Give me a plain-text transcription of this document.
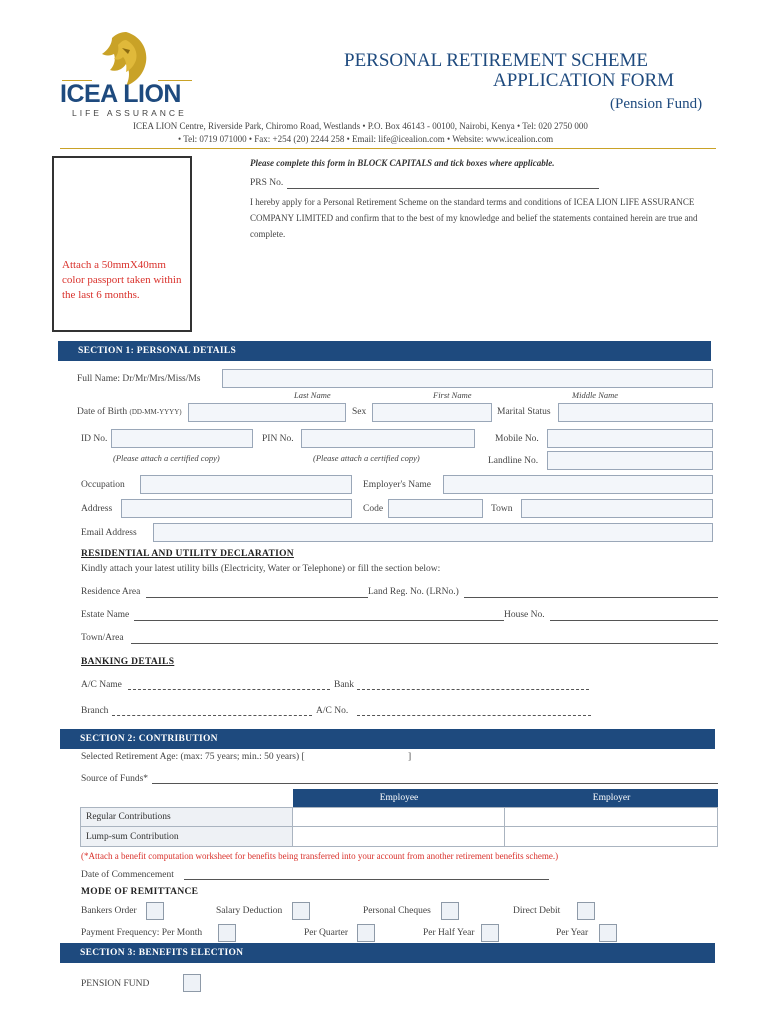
ICEA LION
LIFE ASSURANCE
PERSONAL RETIREMENT SCHEME
APPLICATION FORM
(Pension Fund)
ICEA LION Centre, Riverside Park, Chiromo Road, Westlands • P.O. Box 46143 - 00100, Nairobi, Kenya • Tel: 020 2750 000
• Tel: 0719 071000 • Fax: +254 (20) 2244 258 • Email: life@icealion.com • Website: www.icealion.com
Attach a 50mmX40mm color passport taken within the last 6 months.
Please complete this form in BLOCK CAPITALS and tick boxes where applicable.
PRS No.
I hereby apply for a Personal Retirement Scheme on the standard terms and conditions of ICEA LION LIFE ASSURANCE COMPANY LIMITED and confirm that to the best of my knowledge and belief the statements contained herein are true and complete.
SECTION 1: PERSONAL DETAILS
Full Name: Dr/Mr/Mrs/Miss/Ms
Last Name	First Name	Middle Name
Date of Birth (DD-MM-YYYY)	Sex	Marital Status
ID No.	PIN No.	Mobile No.
(Please attach a certified copy)	(Please attach a certified copy)	Landline No.
Occupation	Employer's Name
Address	Code	Town
Email Address
RESIDENTIAL AND UTILITY DECLARATION
Kindly attach your latest utility bills (Electricity, Water or Telephone) or fill the section below:
Residence Area	Land Reg. No. (LRNo.)
Estate Name	House No.
Town/Area
BANKING DETAILS
A/C Name	Bank
Branch	A/C No.
SECTION 2: CONTRIBUTION
Selected Retirement Age: (max: 75 years; min.: 50 years) [	]
Source of Funds*
Employee	Employer
Regular Contributions
Lump-sum Contribution
(*Attach a benefit computation worksheet for benefits being transferred into your account from another retirement benefits scheme.)
Date of Commencement
MODE OF REMITTANCE
Bankers Order	Salary Deduction	Personal Cheques	Direct Debit
Payment Frequency: Per Month	Per Quarter	Per Half Year	Per Year
SECTION 3: BENEFITS ELECTION
PENSION FUND
